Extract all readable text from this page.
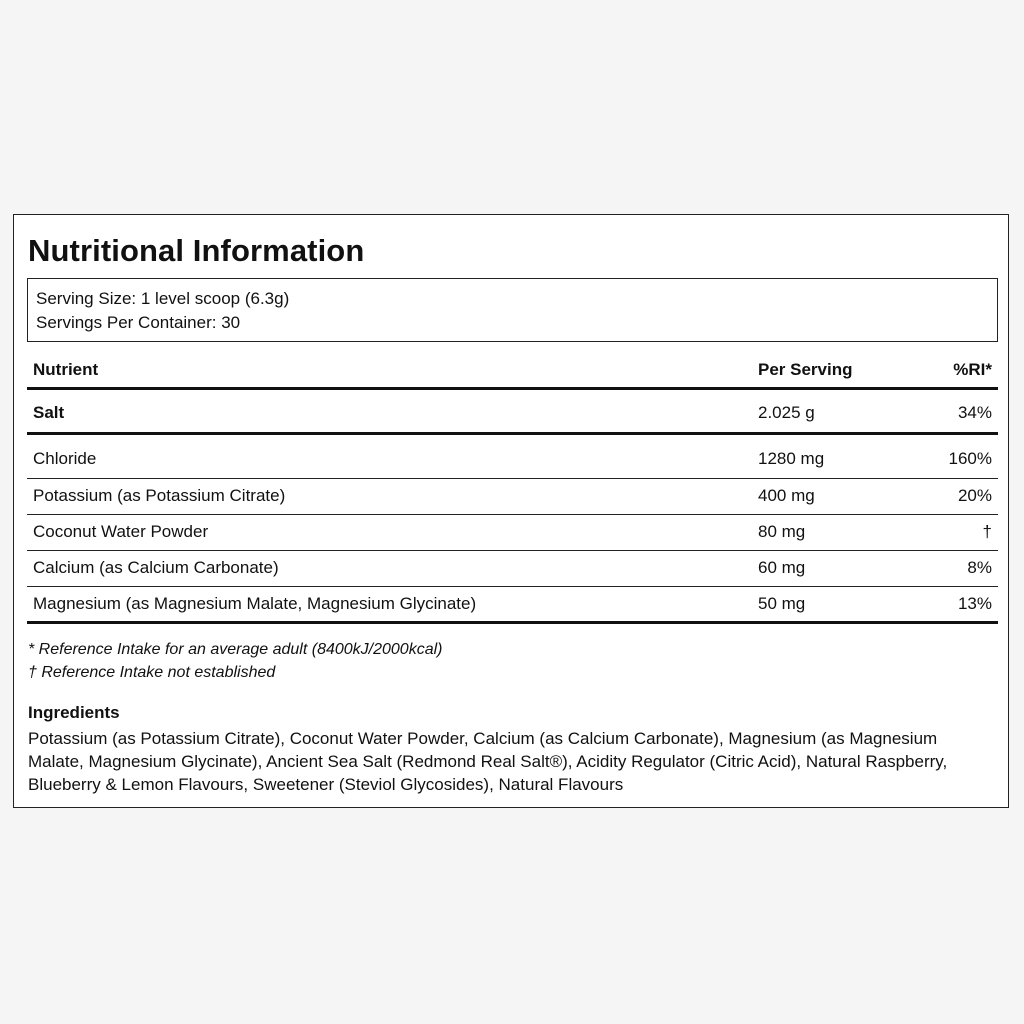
Nutritional Information
Serving Size: 1 level scoop (6.3g)
Servings Per Container: 30
Nutrient	Per Serving	%RI*
Salt	2.025 g	34%
Chloride	1280 mg	160%
Potassium (as Potassium Citrate)	400 mg	20%
Coconut Water Powder	80 mg	†
Calcium (as Calcium Carbonate)	60 mg	8%
Magnesium (as Magnesium Malate, Magnesium Glycinate)	50 mg	13%
* Reference Intake for an average adult (8400kJ/2000kcal)
† Reference Intake not established
Ingredients
Potassium (as Potassium Citrate), Coconut Water Powder, Calcium (as Calcium Carbonate), Magnesium (as Magnesium Malate, Magnesium Glycinate), Ancient Sea Salt (Redmond Real Salt®), Acidity Regulator (Citric Acid), Natural Raspberry, Blueberry & Lemon Flavours, Sweetener (Steviol Glycosides), Natural Flavours
